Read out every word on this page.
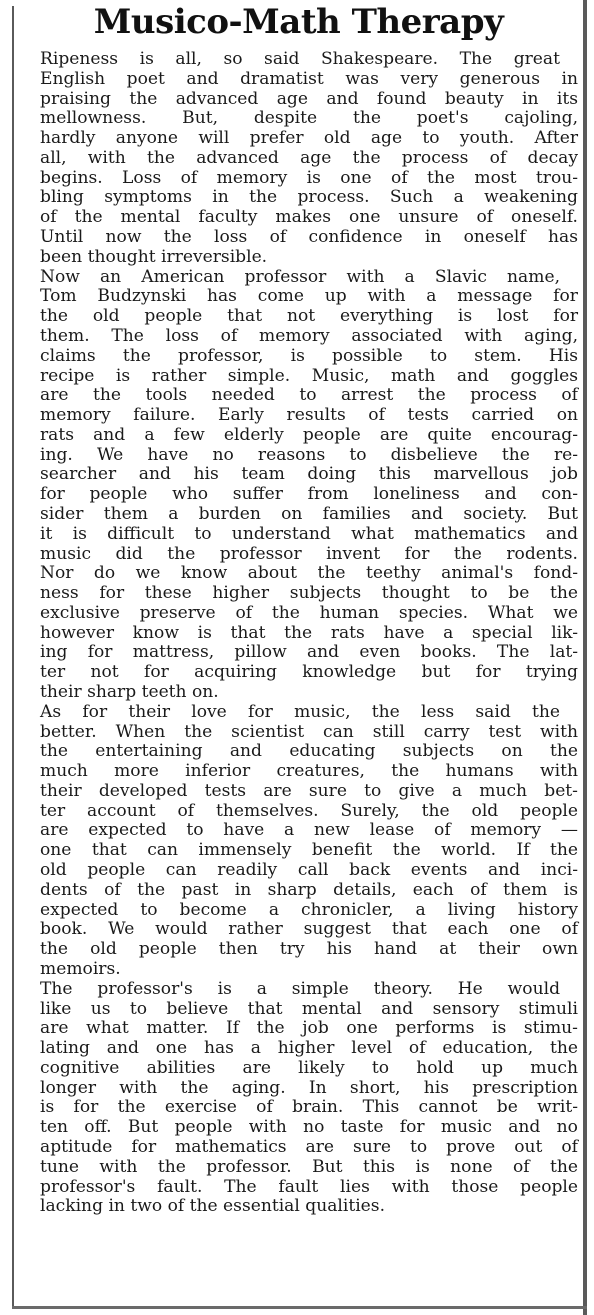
Musico-Math Therapy

Ripeness is all, so said Shakespeare. The great
English poet and dramatist was very generous in
praising the advanced age and found beauty in its
mellowness. But, despite the poet's cajoling,
hardly anyone will prefer old age to youth. After
all, with the advanced age the process of decay
begins. Loss of memory is one of the most trou-
bling symptoms in the process. Such a weakening
of the mental faculty makes one unsure of oneself.
Until now the loss of confidence in oneself has
been thought irreversible.

Now an American professor with a Slavic name,
Tom Budzynski has come up with a message for
the old people that not everything is lost for
them. The loss of memory associated with aging,
claims the professor, is possible to stem. His
recipe is rather simple. Music, math and goggles
are the tools needed to arrest the process of
memory failure. Early results of tests carried on
rats and a few elderly people are quite encourag-
ing. We have no reasons to disbelieve the re-
searcher and his team doing this marvellous job
for people who suffer from loneliness and con-
sider them a burden on families and society. But
it is difficult to understand what mathematics and
music did the professor invent for the rodents.
Nor do we know about the teethy animal's fond-
ness for these higher subjects thought to be the
exclusive preserve of the human species. What we
however know is that the rats have a special lik-
ing for mattress, pillow and even books. The lat-
ter not for acquiring knowledge but for trying
their sharp teeth on.

As for their love for music, the less said the
better. When the scientist can still carry test with
the entertaining and educating subjects on the
much more inferior creatures, the humans with
their developed tests are sure to give a much bet-
ter account of themselves. Surely, the old people
are expected to have a new lease of memory —
one that can immensely benefit the world. If the
old people can readily call back events and inci-
dents of the past in sharp details, each of them is
expected to become a chronicler, a living history
book. We would rather suggest that each one of
the old people then try his hand at their own
memoirs.

The professor's is a simple theory. He would
like us to believe that mental and sensory stimuli
are what matter. If the job one performs is stimu-
lating and one has a higher level of education, the
cognitive abilities are likely to hold up much
longer with the aging. In short, his prescription
is for the exercise of brain. This cannot be writ-
ten off. But people with no taste for music and no
aptitude for mathematics are sure to prove out of
tune with the professor. But this is none of the
professor's fault. The fault lies with those people
lacking in two of the essential qualities.
